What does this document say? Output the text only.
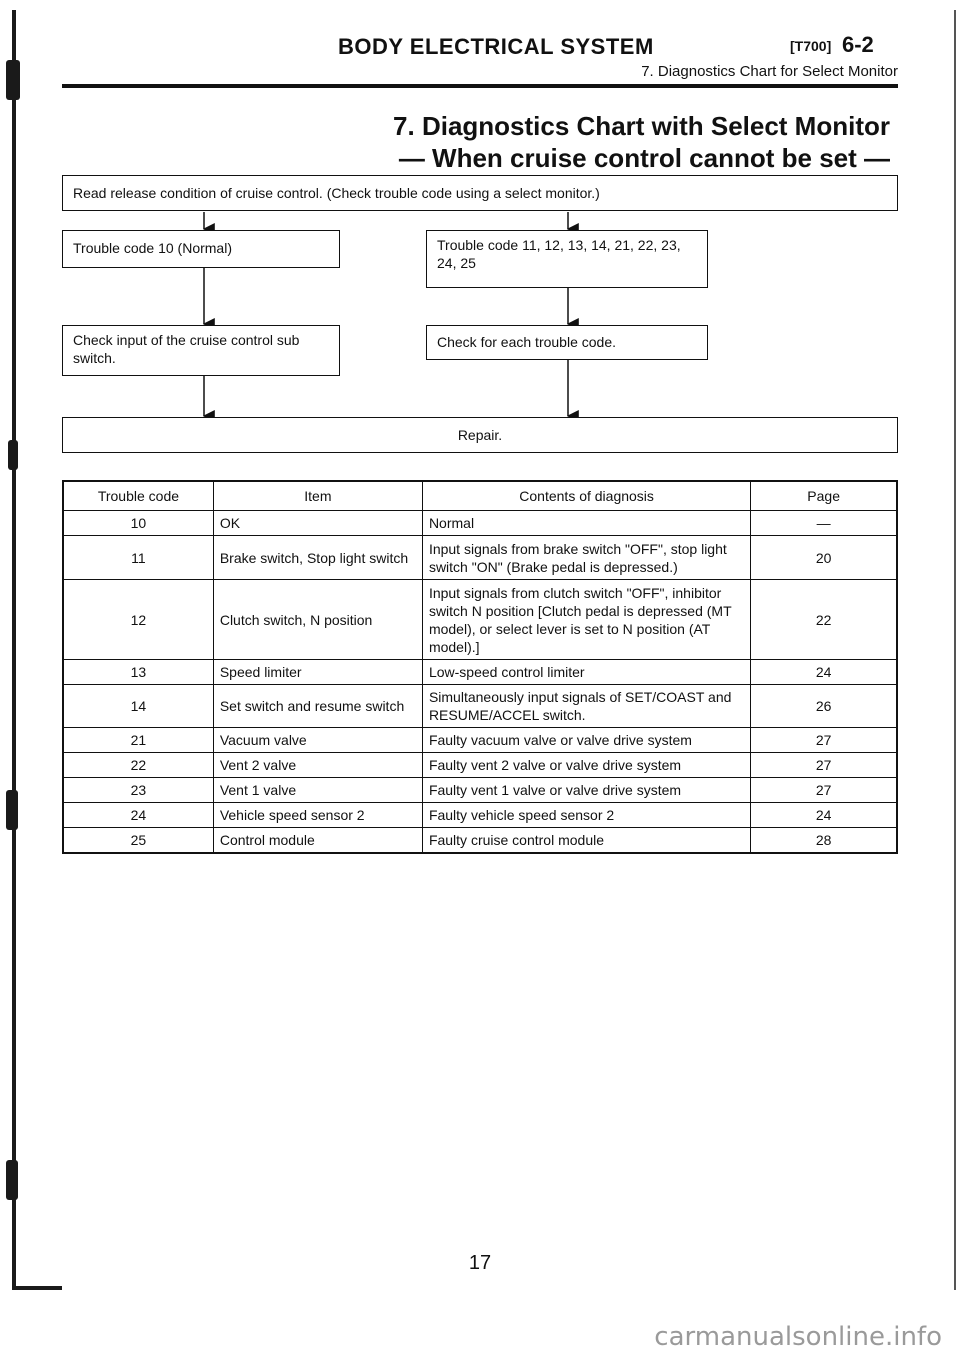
BODY ELECTRICAL SYSTEM	[T700] 6-2
7. Diagnostics Chart for Select Monitor
7. Diagnostics Chart with Select Monitor
— When cruise control cannot be set —
Read release condition of cruise control. (Check trouble code using a select monitor.)
Trouble code 10 (Normal)	Trouble code 11, 12, 13, 14, 21, 22, 23, 24, 25
Check input of the cruise control sub switch.
Check for each trouble code.
Repair.
Trouble code	Item	Contents of diagnosis	Page
10	OK	Normal	—
11	Brake switch, Stop light switch	Input signals from brake switch "OFF", stop light switch "ON" (Brake pedal is depressed.)	20
12	Clutch switch, N position	Input signals from clutch switch "OFF", inhibitor switch N position [Clutch pedal is depressed (MT model), or select lever is set to N position (AT model).]	22
13	Speed limiter	Low-speed control limiter	24
14	Set switch and resume switch	Simultaneously input signals of SET/COAST and RESUME/ACCEL switch.	26
21	Vacuum valve	Faulty vacuum valve or valve drive system	27
22	Vent 2 valve	Faulty vent 2 valve or valve drive system	27
23	Vent 1 valve	Faulty vent 1 valve or valve drive system	27
24	Vehicle speed sensor 2	Faulty vehicle speed sensor 2	24
25	Control module	Faulty cruise control module	28
17
carmanualsonline.info
